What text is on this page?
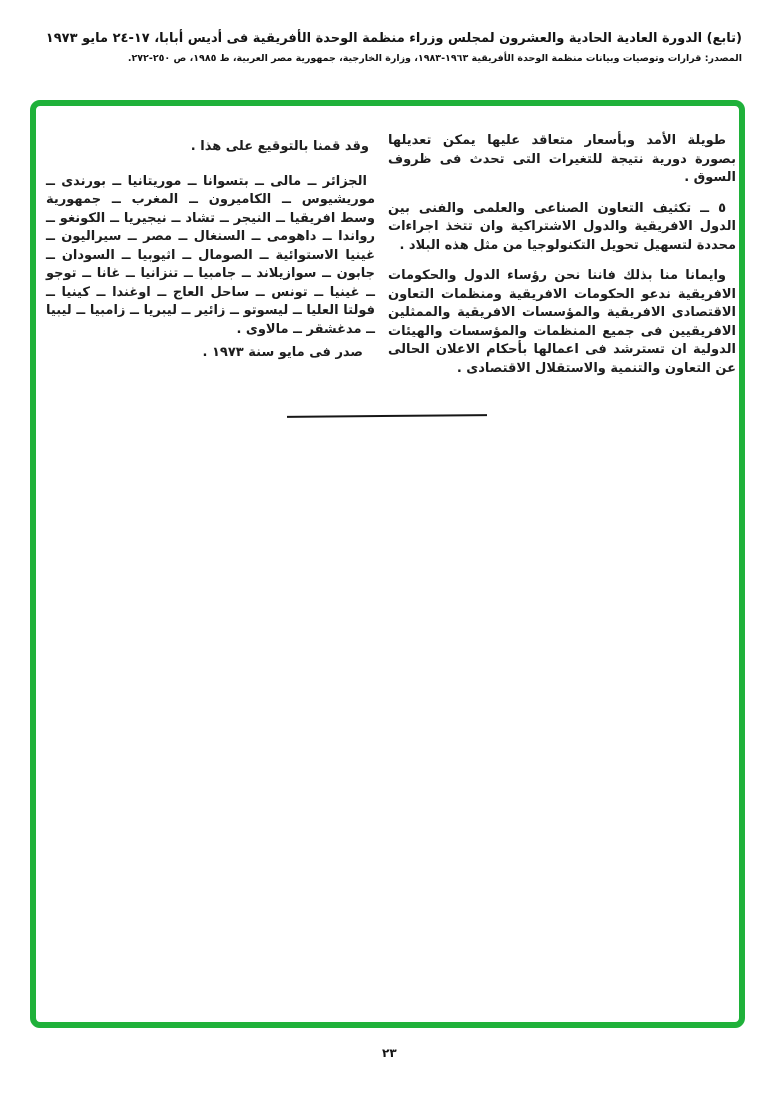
(تابع) الدورة العادية الحادية والعشرون لمجلس وزراء منظمة الوحدة الأفريقية فى أديس أبابا، ١٧-٢٤ مايو ١٩٧٣
المصدر: قرارات وتوصيات وبيانات منظمة الوحدة الأفريقية ١٩٦٣-١٩٨٣، وزارة الخارجية، جمهورية مصر العربية، ط ١٩٨٥، ص ٢٥٠-٢٧٢.

طويلة الأمد وبأسعار متعاقد عليها يمكن تعديلها بصورة دورية نتيجة للتغيرات التى تحدث فى ظروف السوق .

٥ ــ تكثيف التعاون الصناعى والعلمى والفنى بين الدول الافريقية والدول الاشتراكية وان تتخذ اجراءات محددة لتسهيل تحويل التكنولوجيا من مثل هذه البلاد .

وايمانا منا بذلك فاننا نحن رؤساء الدول والحكومات الافريقية ندعو الحكومات الافريقية ومنظمات التعاون الاقتصادى الافريقية والمؤسسات الافريقية والممثلين الافريقيين فى جميع المنظمات والمؤسسات والهيئات الدولية ان تسترشد فى اعمالها بأحكام الاعلان الحالى عن التعاون والتنمية والاستقلال الاقتصادى .

وقد قمنا بالتوقيع على هذا .

الجزائر ــ مالى ــ بتسوانا ــ موريتانيا ــ بورندى ــ موريشيوس ــ الكاميرون ــ المغرب ــ جمهورية وسط افريقيا ــ النيجر ــ تشاد ــ نيجيريا ــ الكونغو ــ رواندا ــ داهومى ــ السنغال ــ مصر ــ سيراليون ــ غينيا الاستوائية ــ الصومال ــ اثيوبيا ــ السودان ــ جابون ــ سوازيلاند ــ جامبيا ــ تنزانيا ــ غانا ــ توجو ــ غينيا ــ تونس ــ ساحل العاج ــ اوغندا ــ كينيا ــ فولتا العليا ــ ليسوتو ــ زائير ــ ليبريا ــ زامبيا ــ ليبيا ــ مدغشقر ــ مالاوى .

صدر فى مايو سنة ١٩٧٣ .

٢٣
